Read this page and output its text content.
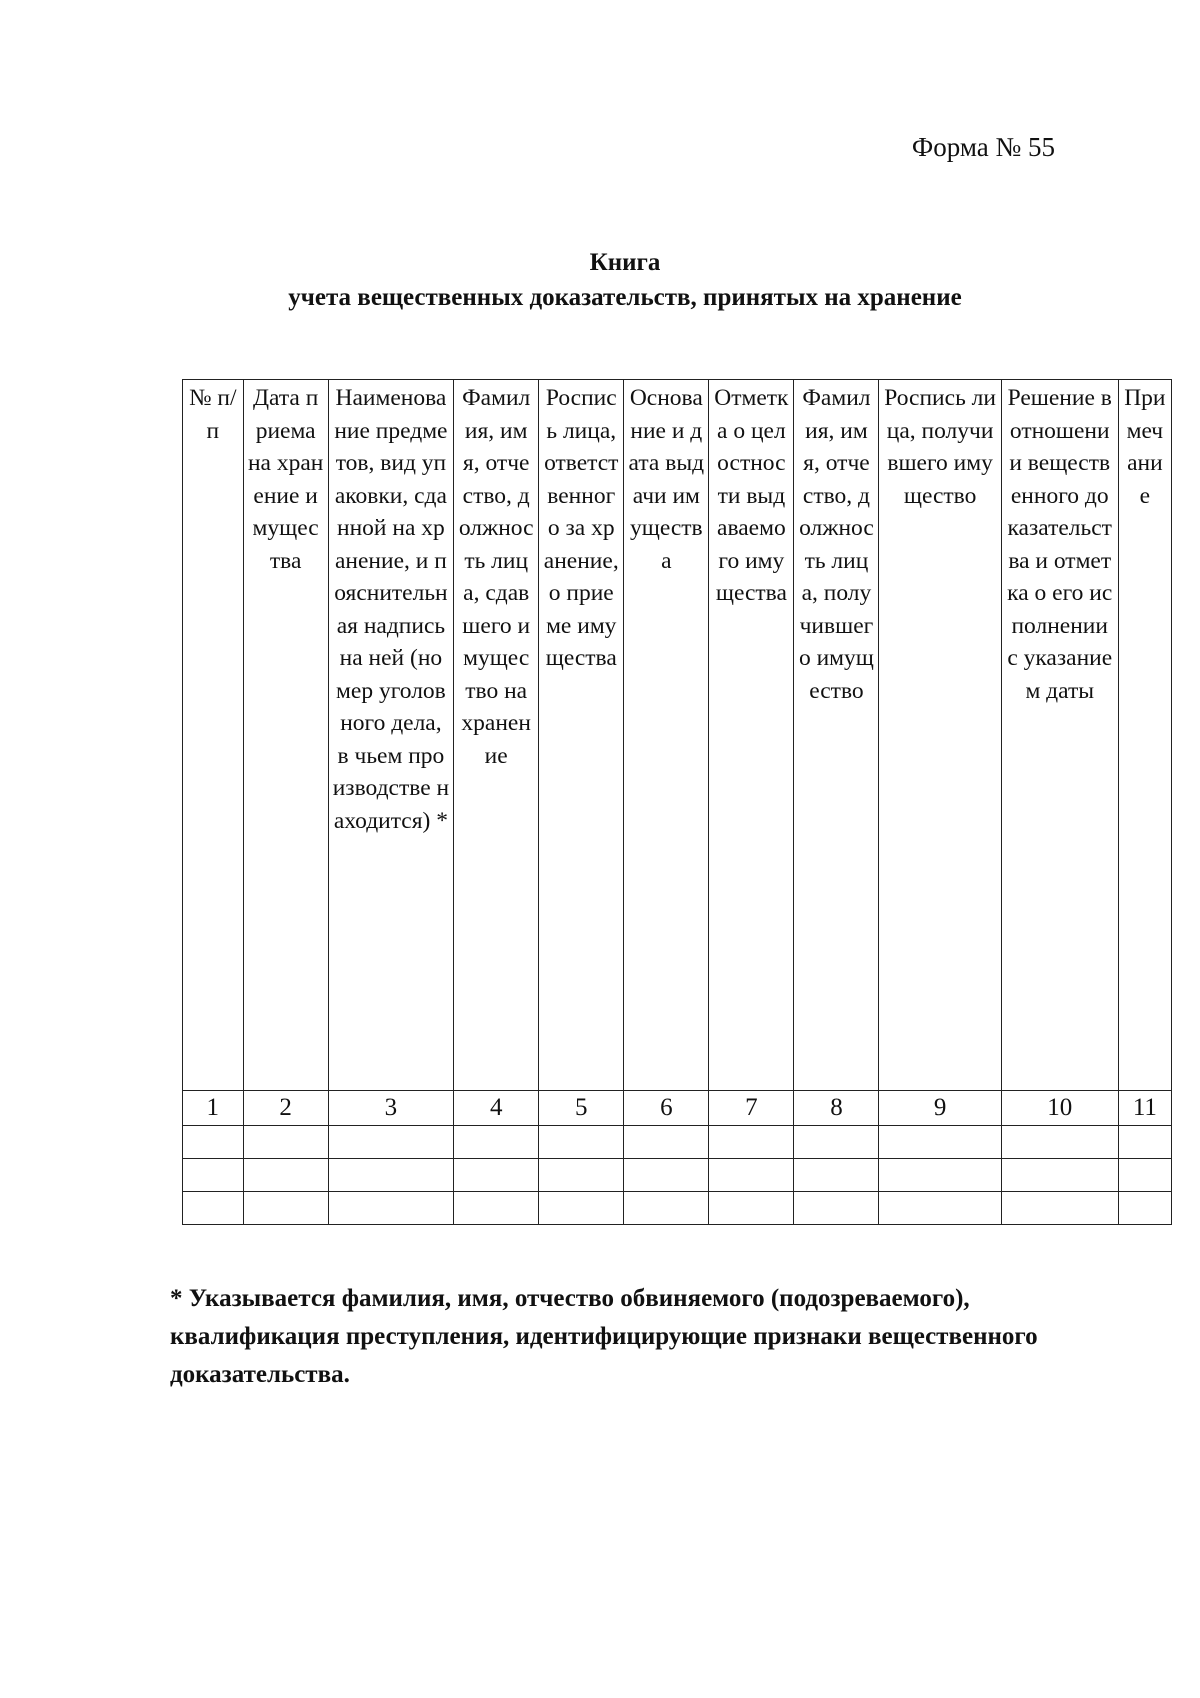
Форма № 55
Книга
учета вещественных доказательств, принятых на хранение
№ п/п	Дата приема на хранение имущества	Наименование предметов, вид упаковки, сданной на хранение, и пояснительная надпись на ней (номер уголовного дела, в чьем производстве находится) *	Фамилия, имя, отчество, должность лица, сдавшего имущество на хранение	Роспись лица, ответственного за хранение, о приеме имущества	Основание и дата выдачи имущества	Отметка о целостности выдаваемого имущества	Фамилия, имя, отчество, должность лица, получившего имущество	Роспись лица, получившего имущество	Решение в отношении вещественного доказательства и отметка о его исполнении с указанием даты	Примечание

1	2	3	4	5	6	7	8	9	10	11

* Указывается фамилия, имя, отчество обвиняемого (подозреваемого), квалификация преступления, идентифицирующие признаки вещественного доказательства.
